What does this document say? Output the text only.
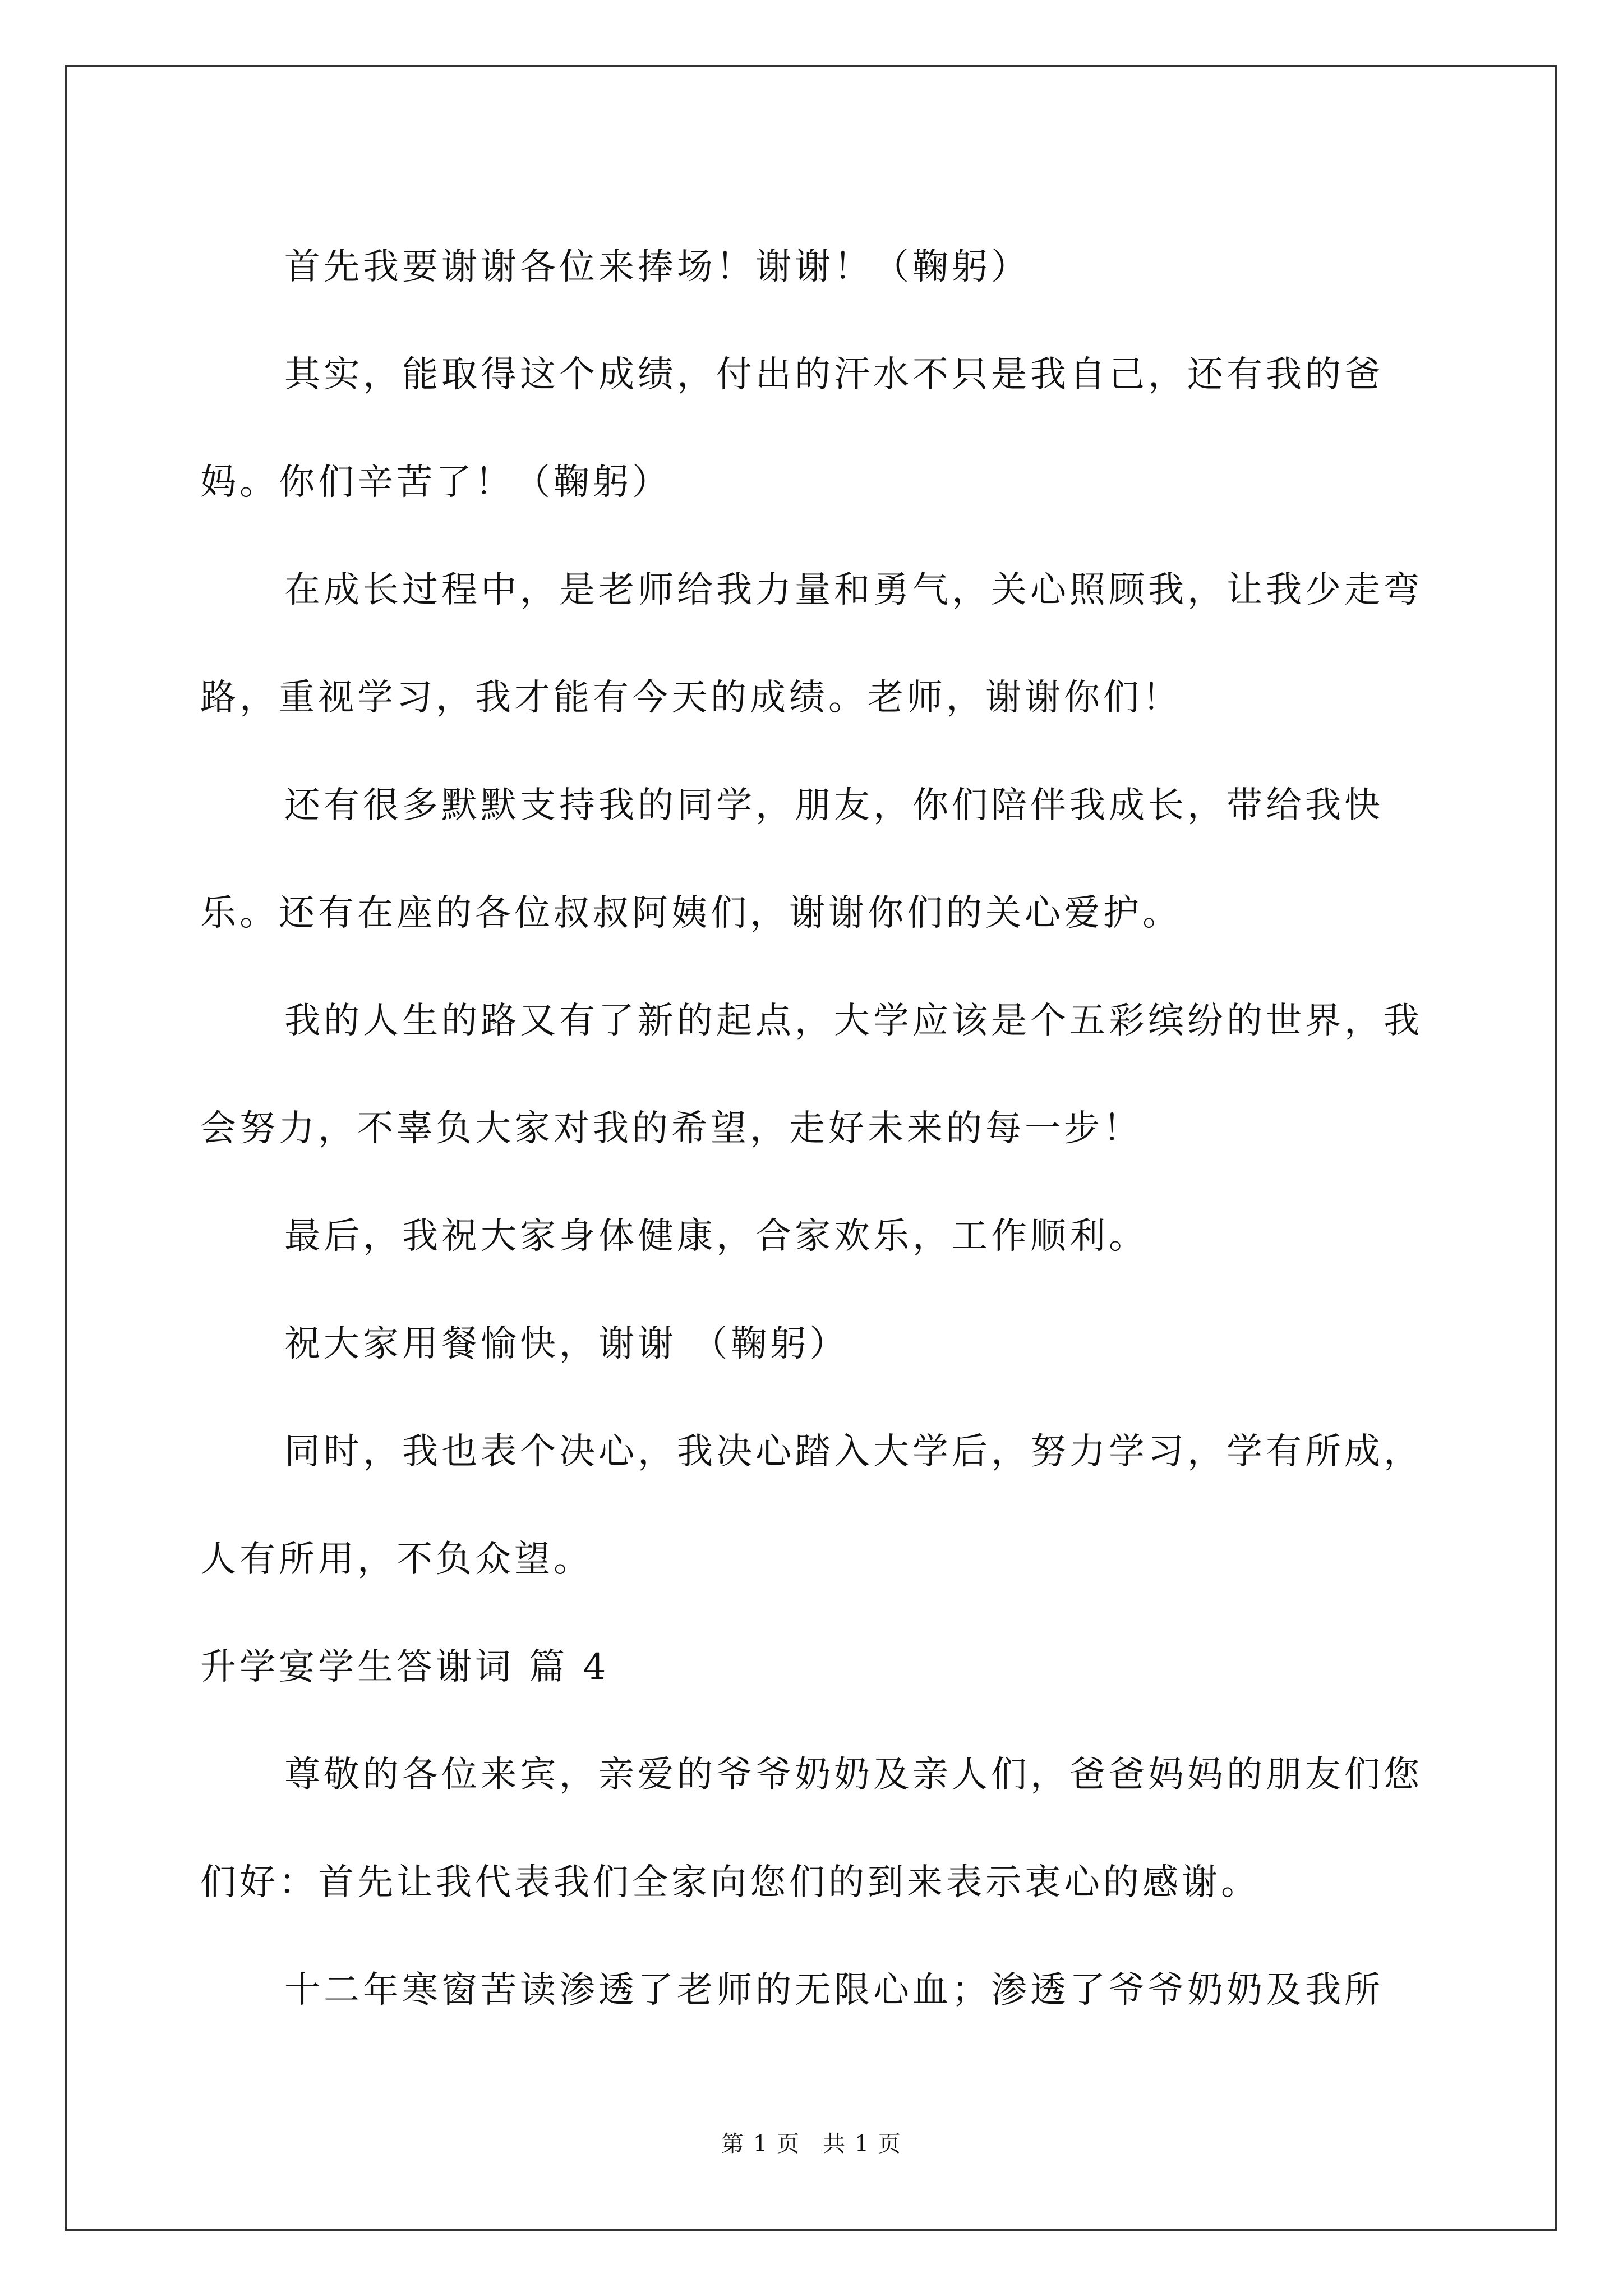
首先我要谢谢各位来捧场！谢谢！（鞠躬）

其实，能取得这个成绩，付出的汗水不只是我自己，还有我的爸妈。你们辛苦了！（鞠躬）

在成长过程中，是老师给我力量和勇气，关心照顾我，让我少走弯路，重视学习，我才能有今天的成绩。老师，谢谢你们！

还有很多默默支持我的同学，朋友，你们陪伴我成长，带给我快乐。还有在座的各位叔叔阿姨们，谢谢你们的关心爱护。

我的人生的路又有了新的起点，大学应该是个五彩缤纷的世界，我会努力，不辜负大家对我的希望，走好未来的每一步！

最后，我祝大家身体健康，合家欢乐，工作顺利。

祝大家用餐愉快，谢谢 （鞠躬）

同时，我也表个决心，我决心踏入大学后，努力学习，学有所成，人有所用，不负众望。

升学宴学生答谢词 篇 4

尊敬的各位来宾，亲爱的爷爷奶奶及亲人们，爸爸妈妈的朋友们您们好：首先让我代表我们全家向您们的到来表示衷心的感谢。

十二年寒窗苦读渗透了老师的无限心血；渗透了爷爷奶奶及我所

第 1 页 共 1 页
